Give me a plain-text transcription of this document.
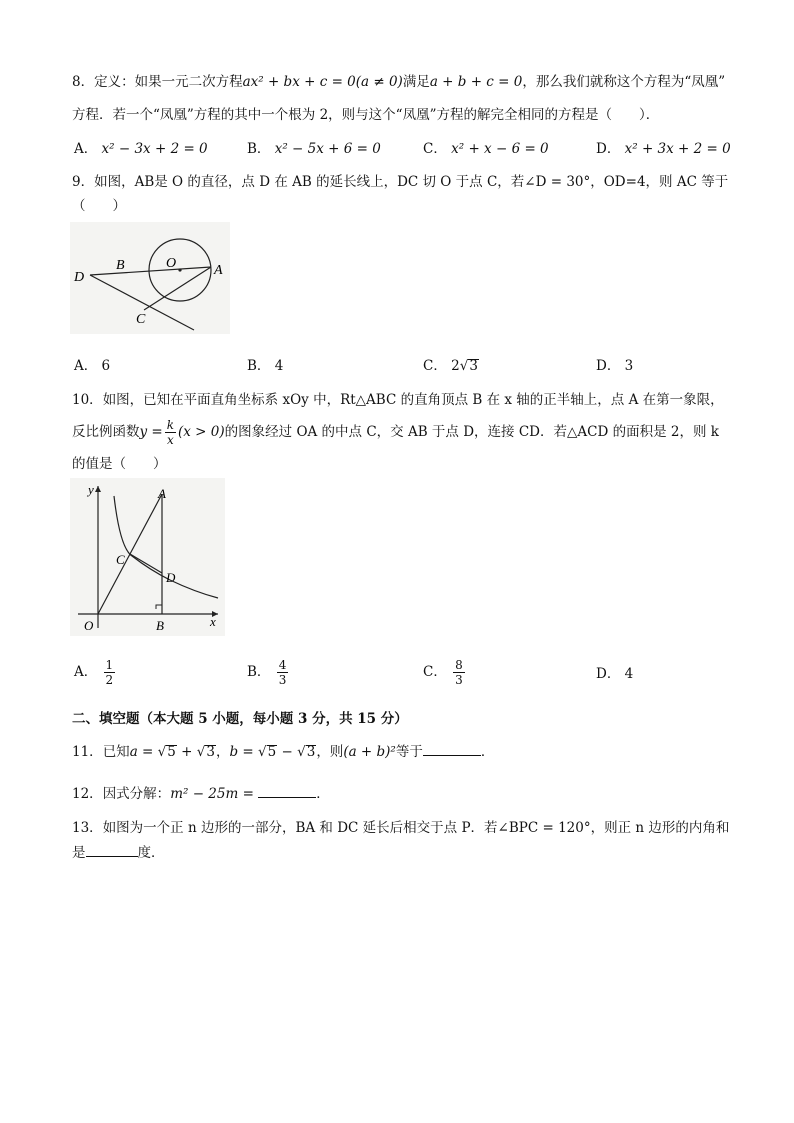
8．定义：如果一元二次方程ax² + bx + c = 0(a ≠ 0)满足a + b + c = 0，那么我们就称这个方程为“凤凰”
方程．若一个“凤凰”方程的其中一个根为 2，则与这个“凤凰”方程的解完全相同的方程是（　　）．
A． x² − 3x + 2 = 0	B． x² − 5x + 6 = 0	C． x² + x − 6 = 0	D． x² + 3x + 2 = 0
9．如图，AB是 O 的直径，点 D 在 AB 的延长线上，DC 切 O 于点 C，若∠D = 30°，OD=4，则 AC 等于
（　　）
D
B	O	A
C
A． 6	B． 4	C． 2√3	D． 3
10．如图，已知在平面直角坐标系 xOy 中，Rt△ABC 的直角顶点 B 在 x 轴的正半轴上，点 A 在第一象限，
反比例函数$y = \frac{k}{x} (x > 0)$的图象经过 OA 的中点 C，交 AB 于点 D，连接 CD．若△ACD 的面积是 2，则 k
的值是（　　）
y	A
C
D
O	B	x
A． $\frac{1}{2}$	B． $\frac{4}{3}$	C． $\frac{8}{3}$	D． 4
二、填空题（本大题 5 小题，每小题 3 分，共 15 分）
11．已知a = √5 + √3，b = √5 − √3，则(a + b)²等于	．
12．因式分解：m² − 25m =	．
13．如图为一个正 n 边形的一部分，BA 和 DC 延长后相交于点 P．若∠BPC = 120°，则正 n 边形的内角和
是	度．
